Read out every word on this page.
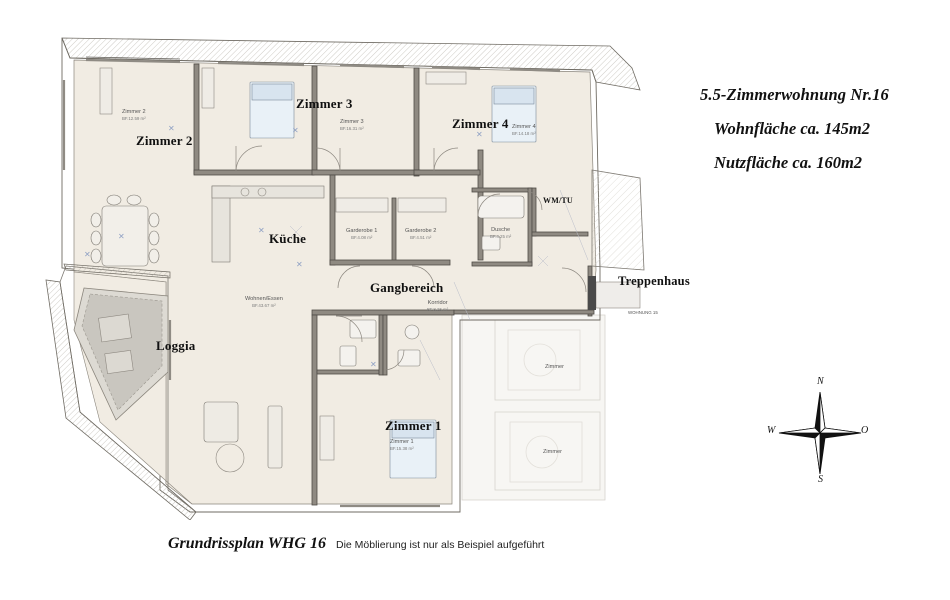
✕	✕	✕
✕
✕
✕
✕
✕
Zimmer 2
Zimmer 3
Zimmer 4
Küche
Gangbereich
Loggia
Zimmer 1
Treppenhaus
WM/TU
Zimmer 2
BF.12.59 m²
Zimmer 3
BF.16.31 m²	Zimmer 4
BF.14.18 m²
Dusche
BF.4.25 m²
Garderobe 1
BF.4.08 m²
Garderobe 2
BF.4.51 m²
Wohnen/Essen
BF.43.67 m²	Korridor
BF.8.25 m²
Zimmer 1
BF.15.38 m²
Zimmer
Zimmer
WOHNUNG 15
5.5-Zimmerwohnung Nr.16
Wohnfläche ca. 145m2
Nutzfläche ca. 160m2
N
O
S
W
Grundrissplan WHG 16 Die Möblierung ist nur als Beispiel aufgeführt
